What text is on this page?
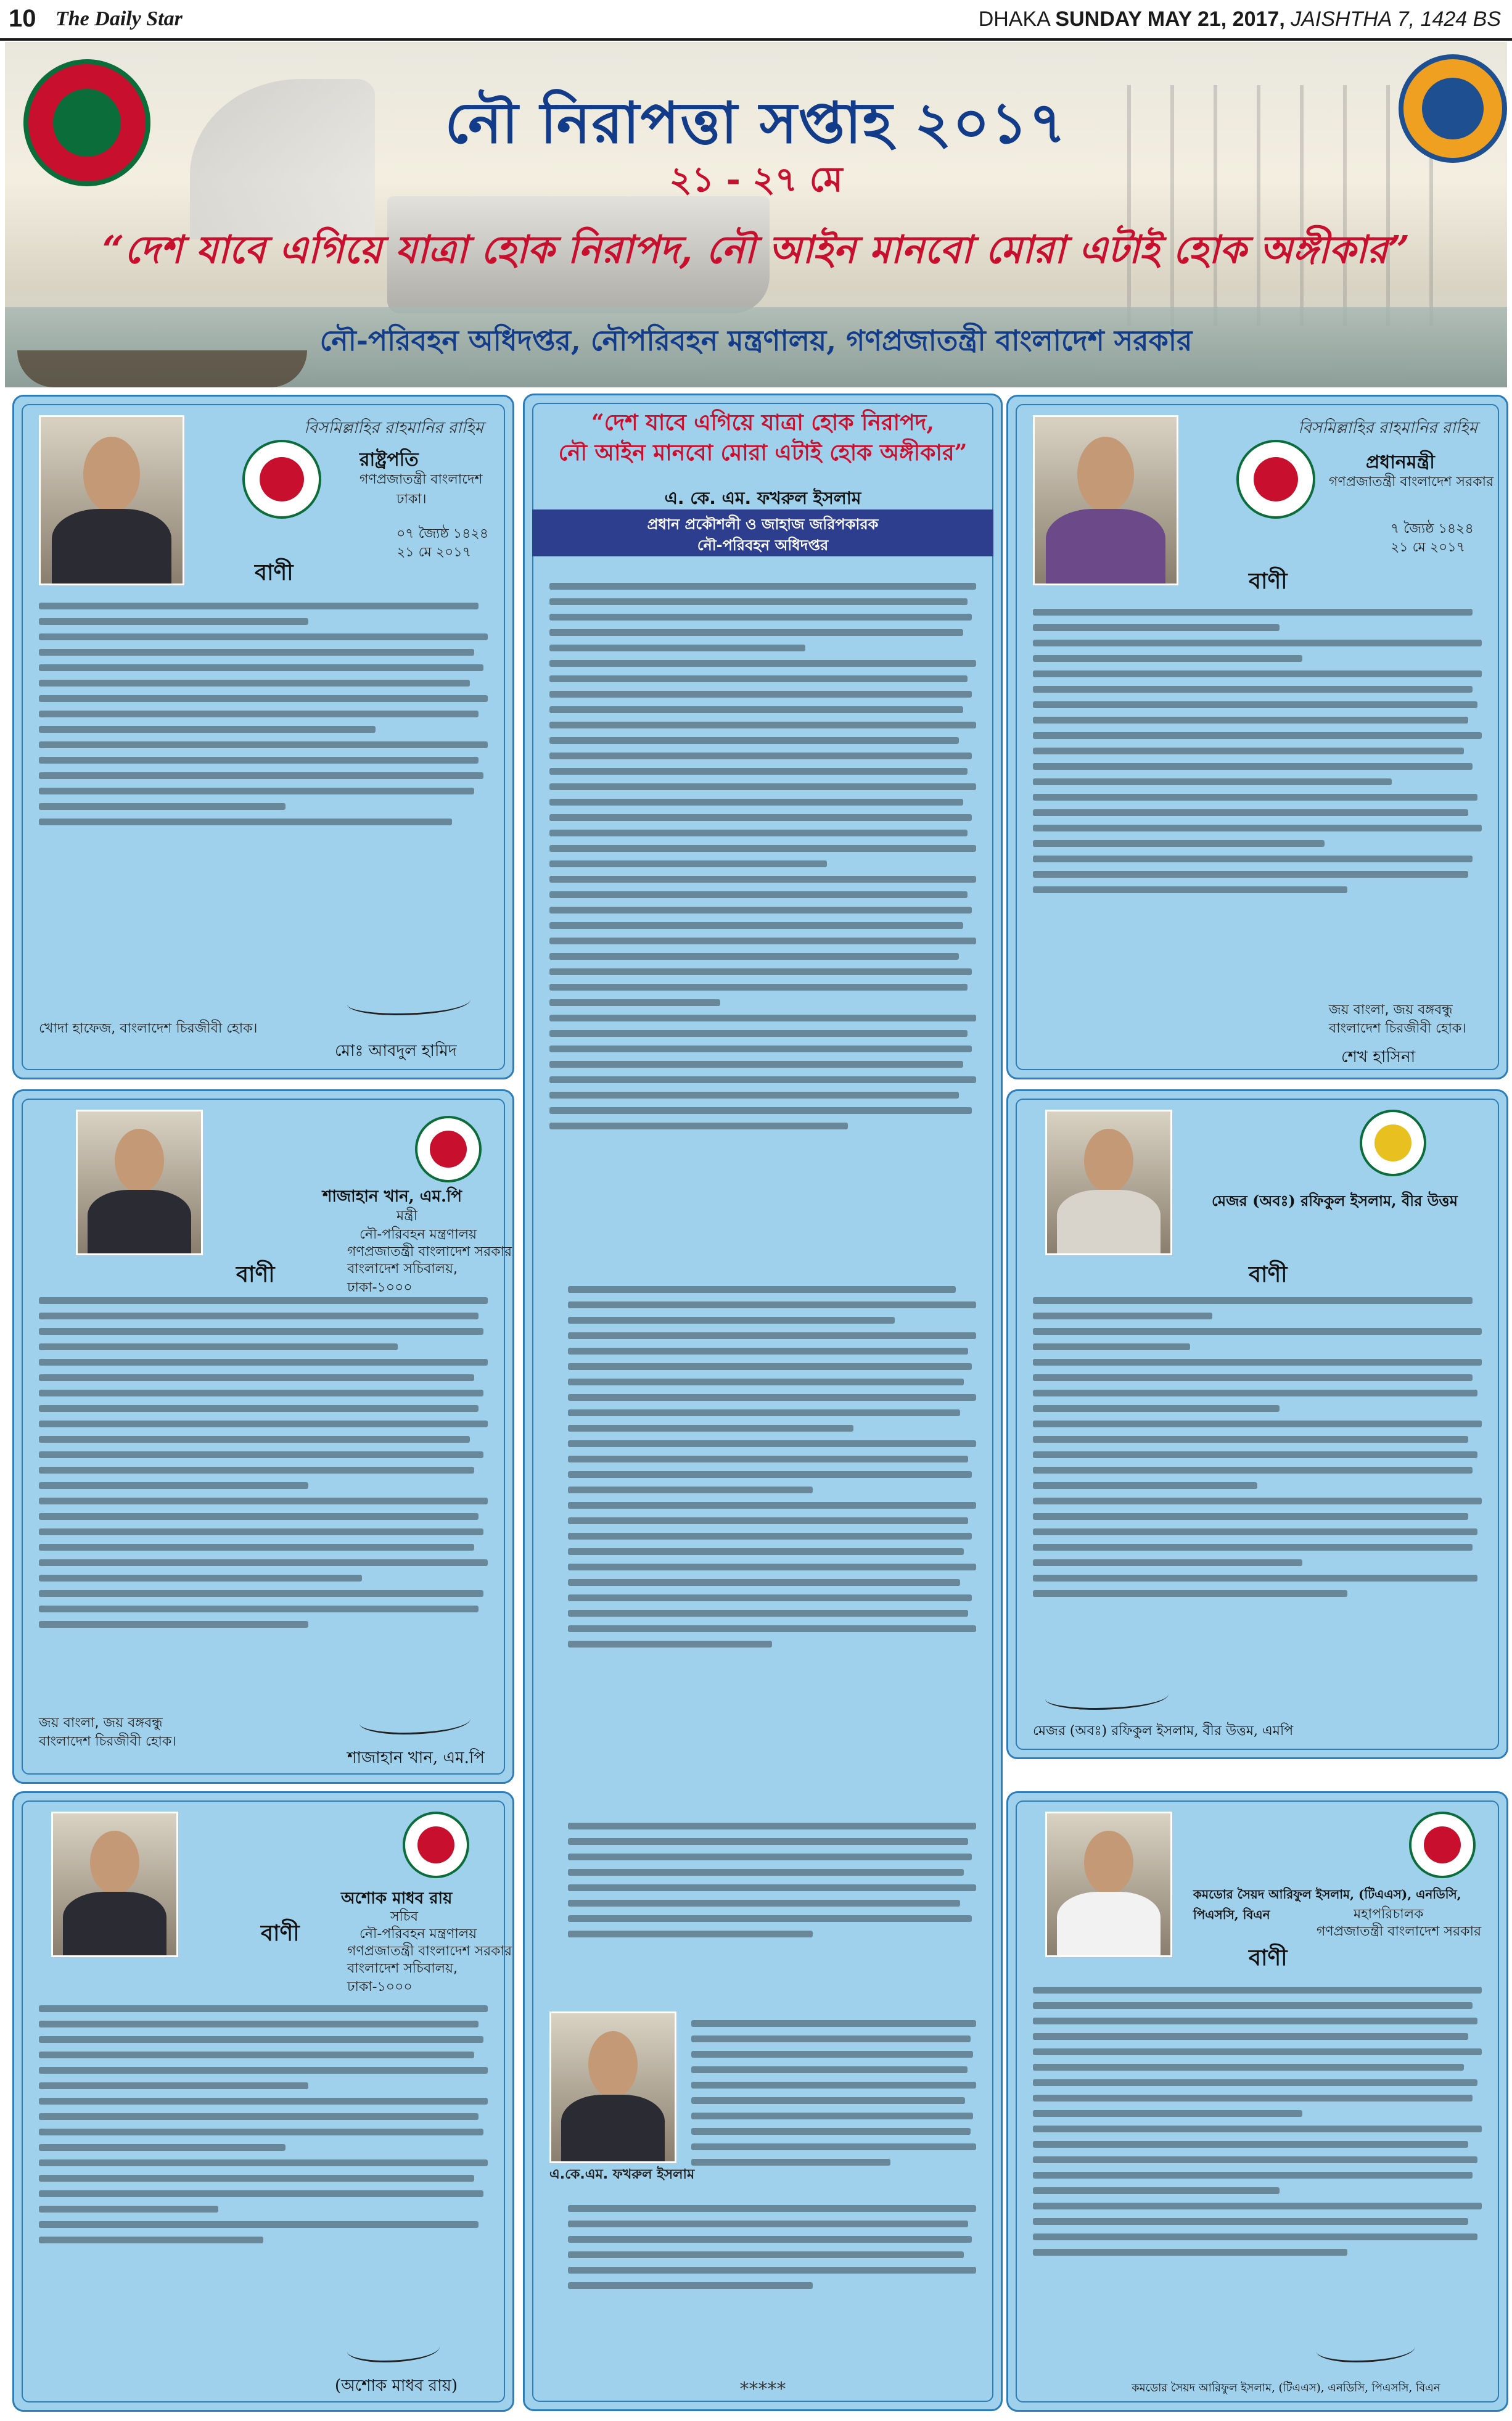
10 The Daily Star	DHAKA SUNDAY MAY 21, 2017, JAISHTHA 7, 1424 BS
নৌ নিরাপত্তা সপ্তাহ ২০১৭
২১ - ২৭ মে
“দেশ যাবে এগিয়ে যাত্রা হোক নিরাপদ, নৌ আইন মানবো মোরা এটাই হোক অঙ্গীকার”
নৌ-পরিবহন অধিদপ্তর, নৌপরিবহন মন্ত্রণালয়, গণপ্রজাতন্ত্রী বাংলাদেশ সরকার
বিসমিল্লাহির রাহমানির রাহিম
রাষ্ট্রপতি
গণপ্রজাতন্ত্রী বাংলাদেশ
ঢাকা।
০৭ জ্যৈষ্ঠ ১৪২৪
২১ মে ২০১৭
বাণী
খোদা হাফেজ, বাংলাদেশ চিরজীবী হোক।
মোঃ আবদুল হামিদ
বিসমিল্লাহির রাহমানির রাহিম
প্রধানমন্ত্রী
গণপ্রজাতন্ত্রী বাংলাদেশ সরকার
৭ জ্যৈষ্ঠ ১৪২৪
২১ মে ২০১৭
বাণী
জয় বাংলা, জয় বঙ্গবন্ধু
বাংলাদেশ চিরজীবী হোক।
শেখ হাসিনা
শাজাহান খান, এম.পি
মন্ত্রী
নৌ-পরিবহন মন্ত্রণালয়
গণপ্রজাতন্ত্রী বাংলাদেশ সরকার
বাংলাদেশ সচিবালয়, ঢাকা-১০০০
বাণী
জয় বাংলা, জয় বঙ্গবন্ধু
বাংলাদেশ চিরজীবী হোক।
শাজাহান খান, এম.পি
মেজর (অবঃ) রফিকুল ইসলাম, বীর উত্তম
বাণী
মেজর (অবঃ) রফিকুল ইসলাম, বীর উত্তম, এমপি
অশোক মাধব রায়
সচিব
নৌ-পরিবহন মন্ত্রণালয়
গণপ্রজাতন্ত্রী বাংলাদেশ সরকার
বাংলাদেশ সচিবালয়, ঢাকা-১০০০
বাণী
(অশোক মাধব রায়)
কমডোর সৈয়দ আরিফুল ইসলাম, (টিএএস), এনডিসি, পিএসসি, বিএন	মহাপরিচালক
গণপ্রজাতন্ত্রী বাংলাদেশ সরকার
বাণী
কমডোর সৈয়দ আরিফুল ইসলাম, (টিএএস), এনডিসি, পিএসসি, বিএন
“দেশ যাবে এগিয়ে যাত্রা হোক নিরাপদ,
নৌ আইন মানবো মোরা এটাই হোক অঙ্গীকার”
এ. কে. এম. ফখরুল ইসলাম
প্রধান প্রকৌশলী ও জাহাজ জরিপকারক
নৌ-পরিবহন অধিদপ্তর
এ.কে.এম. ফখরুল ইসলাম
*****
